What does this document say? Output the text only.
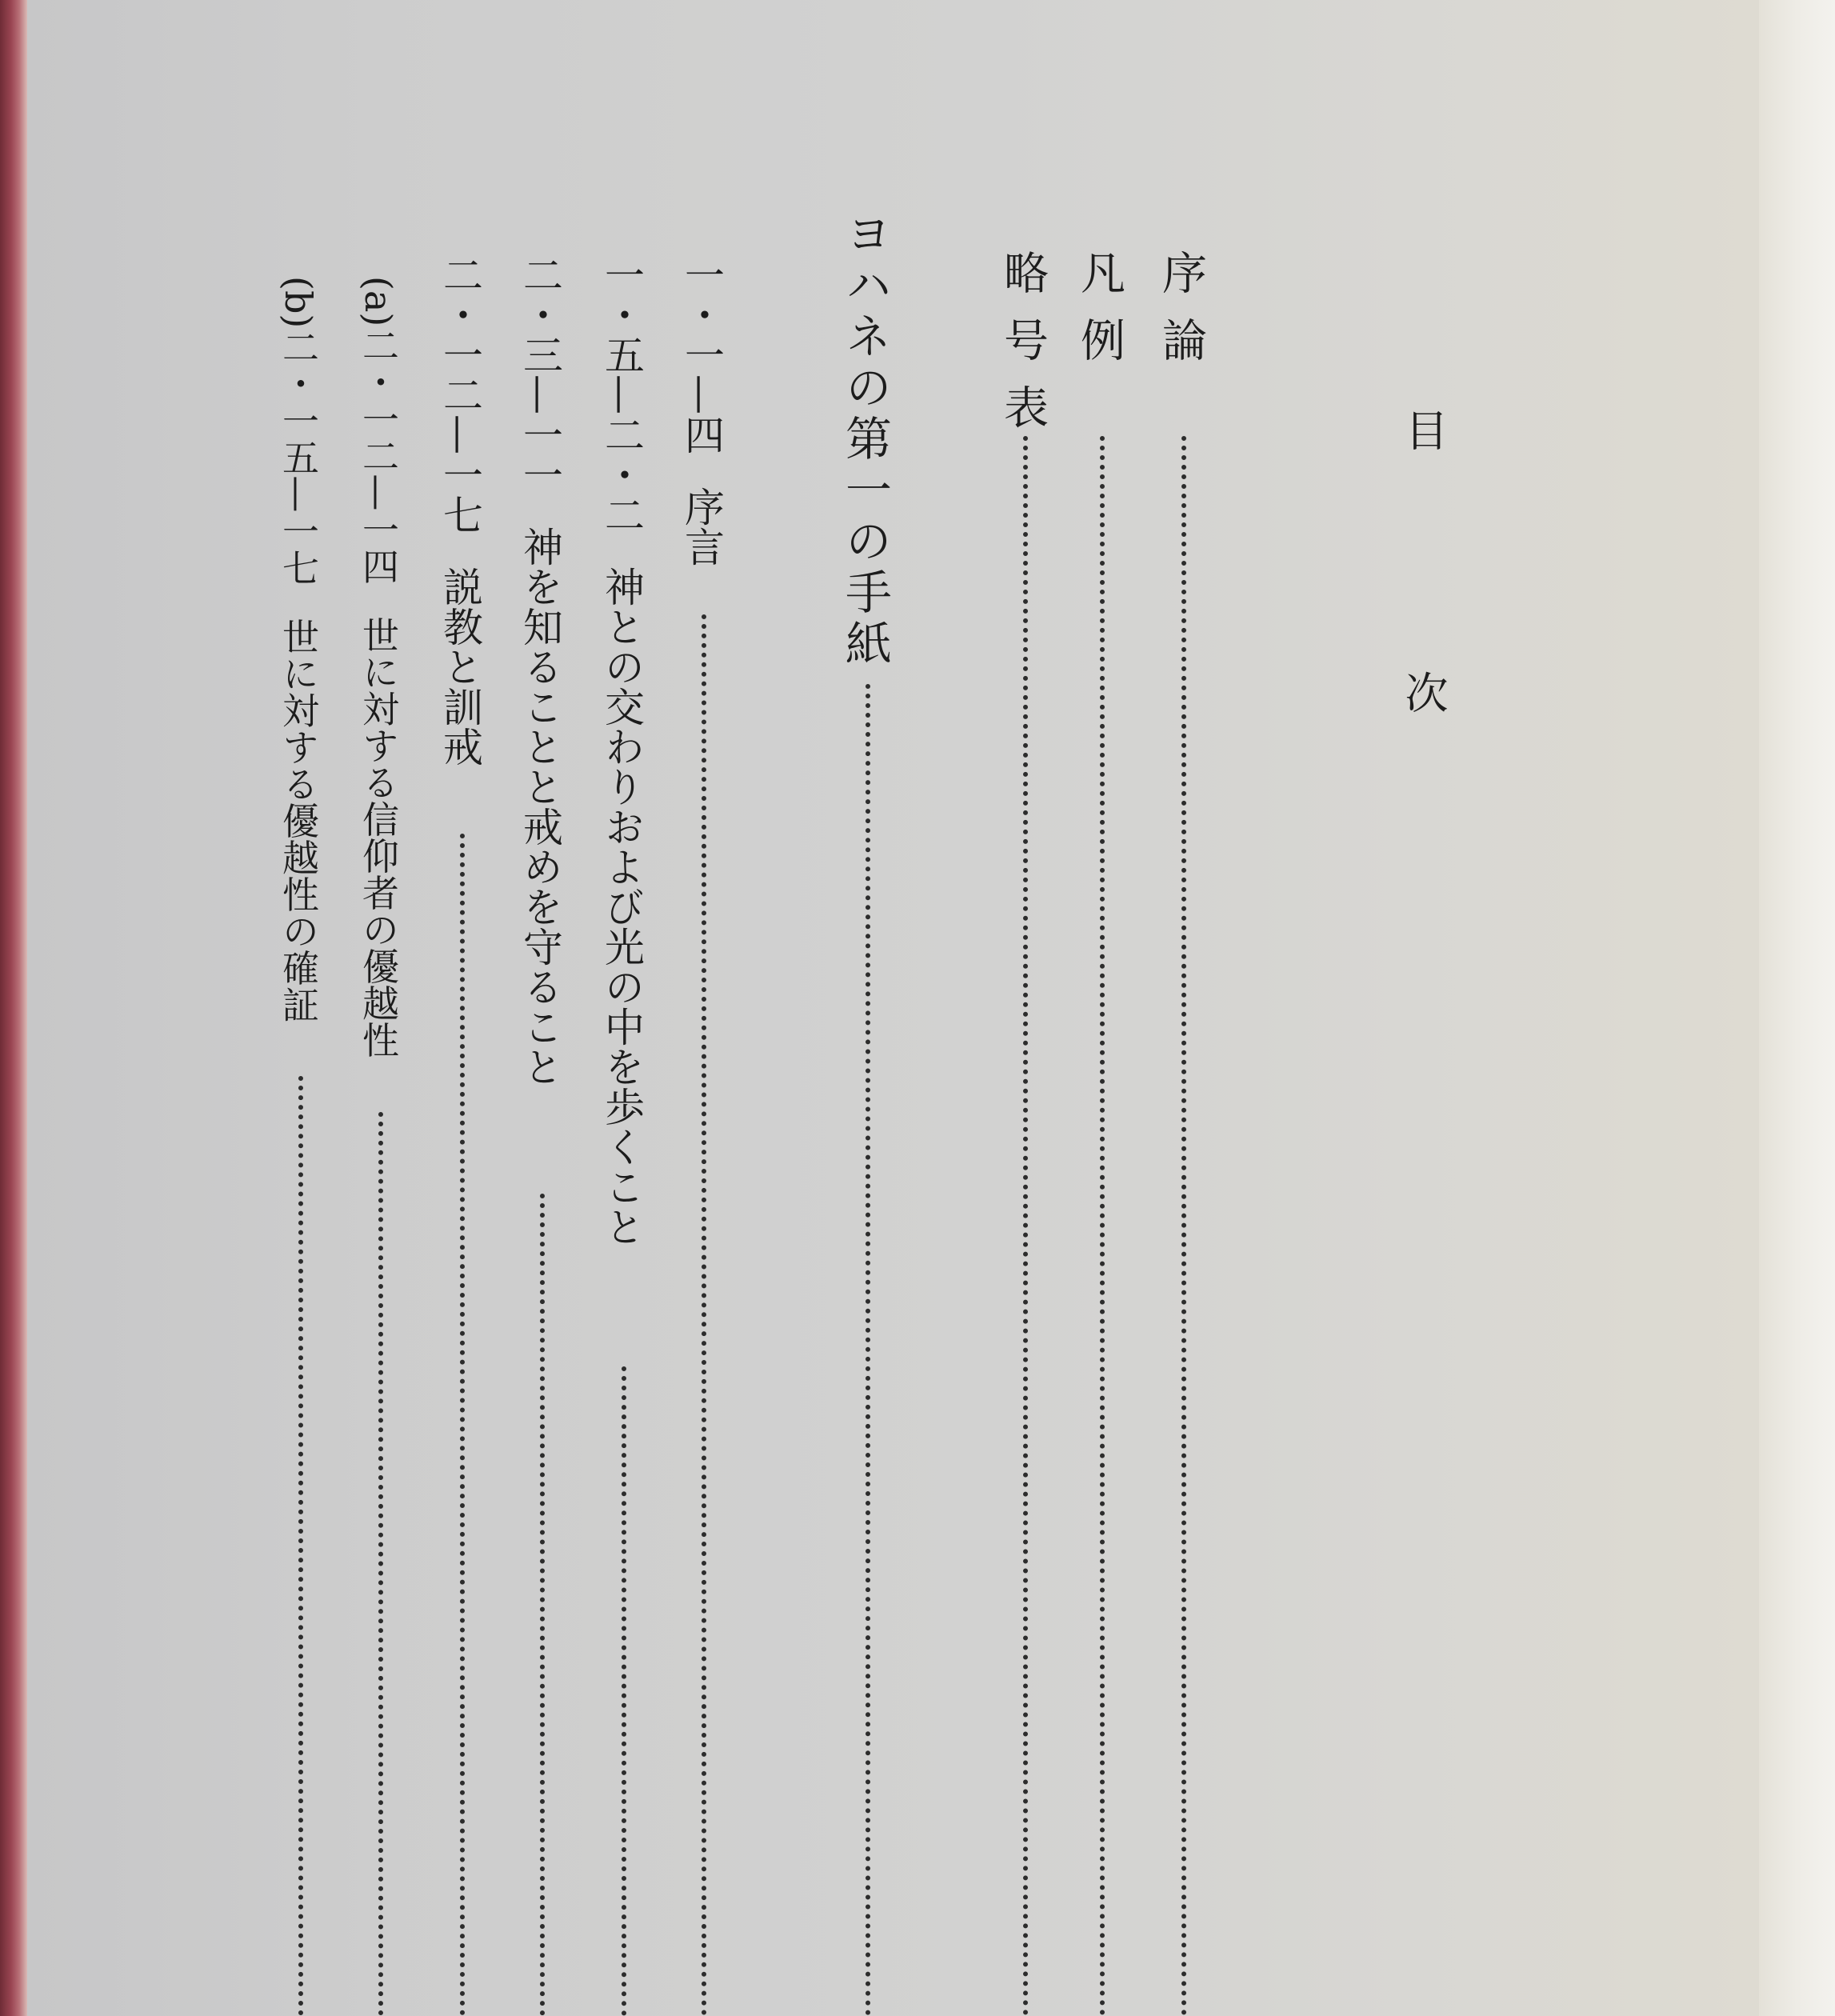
目　次
序論
凡例
略号表
ヨハネの第一の手紙
一・一—四序言
一・五—二・二神との交わりおよび光の中を歩くこと
二・三—一一神を知ることと戒めを守ること
二・一二—一七説教と訓戒
(a)二・一二—一四世に対する信仰者の優越性
(b)二・一五—一七世に対する優越性の確証
